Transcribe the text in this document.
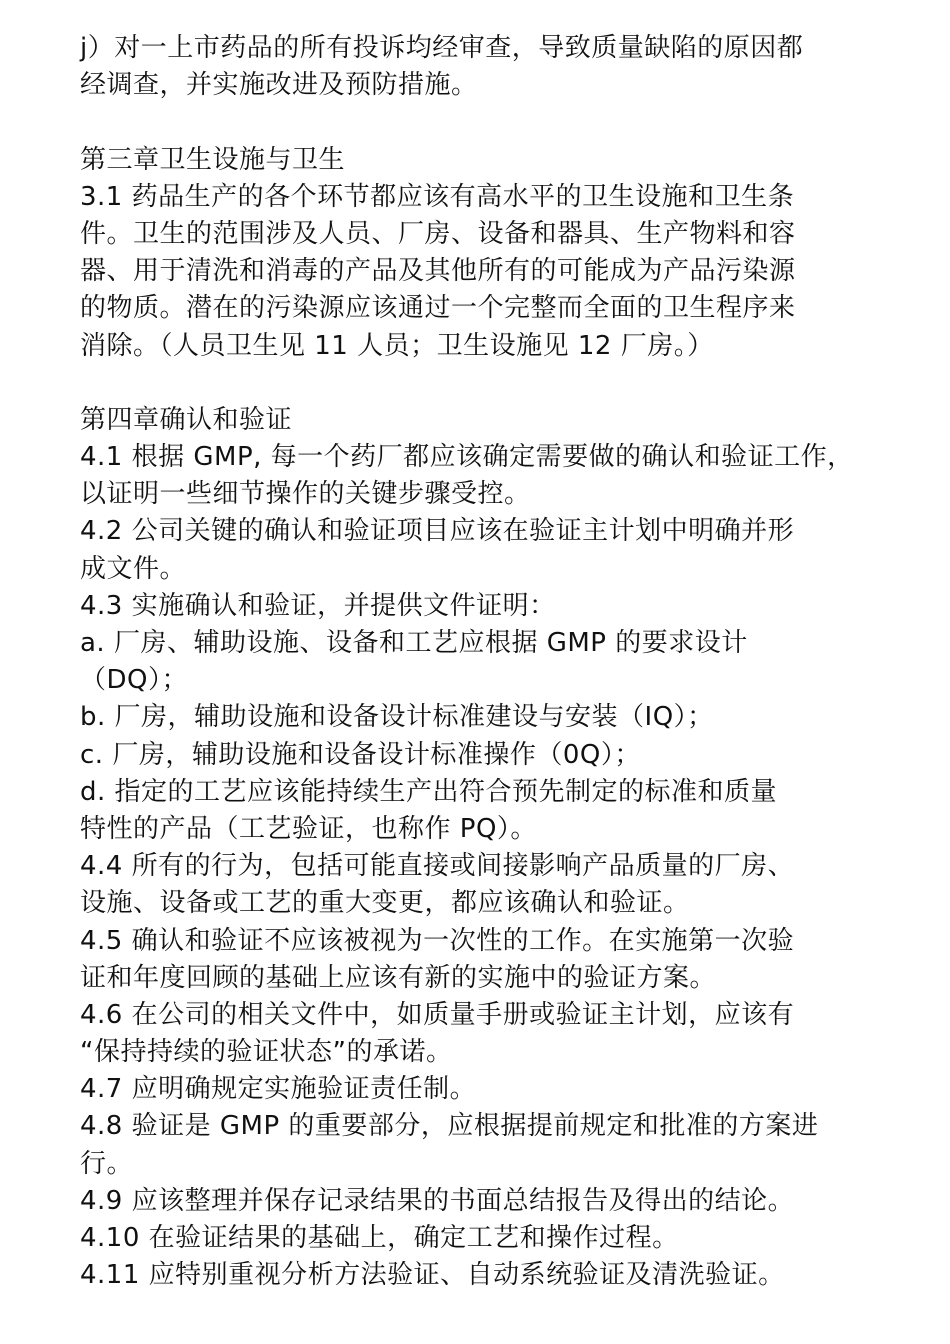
j）对一上市药品的所有投诉均经审查，导致质量缺陷的原因都
经调查，并实施改进及预防措施。
第三章卫生设施与卫生
3.1 药品生产的各个环节都应该有高水平的卫生设施和卫生条
件。卫生的范围涉及人员、厂房、设备和器具、生产物料和容
器、用于清洗和消毒的产品及其他所有的可能成为产品污染源
的物质。潜在的污染源应该通过一个完整而全面的卫生程序来
消除。（人员卫生见 11 人员；卫生设施见 12 厂房。）
第四章确认和验证
4.1 根据 GMP, 每一个药厂都应该确定需要做的确认和验证工作，
以证明一些细节操作的关键步骤受控。
4.2 公司关键的确认和验证项目应该在验证主计划中明确并形
成文件。
4.3 实施确认和验证，并提供文件证明：
a. 厂房、辅助设施、设备和工艺应根据 GMP 的要求设计
（DQ）；
b. 厂房，辅助设施和设备设计标准建设与安装（IQ）；
c. 厂房，辅助设施和设备设计标准操作（0Q）；
d. 指定的工艺应该能持续生产出符合预先制定的标准和质量
特性的产品（工艺验证，也称作 PQ）。
4.4 所有的行为，包括可能直接或间接影响产品质量的厂房、
设施、设备或工艺的重大变更，都应该确认和验证。
4.5 确认和验证不应该被视为一次性的工作。在实施第一次验
证和年度回顾的基础上应该有新的实施中的验证方案。
4.6 在公司的相关文件中，如质量手册或验证主计划，应该有
“保持持续的验证状态”的承诺。
4.7 应明确规定实施验证责任制。
4.8 验证是 GMP 的重要部分，应根据提前规定和批准的方案进
行。
4.9 应该整理并保存记录结果的书面总结报告及得出的结论。
4.10 在验证结果的基础上，确定工艺和操作过程。
4.11 应特别重视分析方法验证、自动系统验证及清洗验证。
